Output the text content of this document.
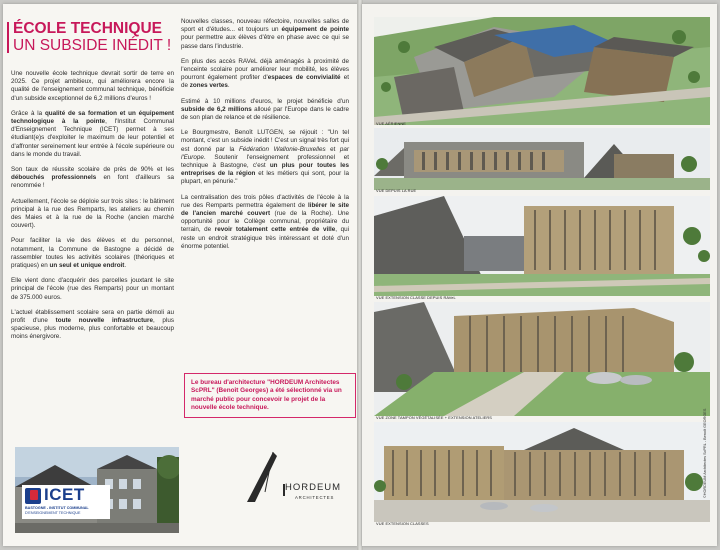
ÉCOLE TECHNIQUE
UN SUBSIDE INÉDIT !

Une nouvelle école technique devrait sortir de terre en 2025. Ce projet ambitieux, qui améliorera encore la qualité de l'enseignement communal technique, bénéficie d'un subside exceptionnel de 6,2 millions d'euros !

Grâce à la qualité de sa formation et un équipement technologique à la pointe, l'Institut Communal d'Enseignement Technique (ICET) permet à ses étudiant(e)s d'exploiter le maximum de leur potentiel et d'affronter sereinement leur entrée à l'école supérieure ou dans le monde du travail.

Son taux de réussite scolaire de près de 90% et les débouchés professionnels en font d'ailleurs sa renommée !

Actuellement, l'école se déploie sur trois sites : le bâtiment principal à la rue des Remparts, les ateliers au chemin des Maies et à la rue de la Roche (ancien marché couvert).

Pour faciliter la vie des élèves et du personnel, notamment, la Commune de Bastogne a décidé de rassembler toutes les activités scolaires (théoriques et pratiques) en un seul et unique endroit.

Elle vient donc d'acquérir des parcelles jouxtant le site principal de l'école (rue des Remparts) pour un montant de 375.000 euros.

L'actuel établissement scolaire sera en partie démoli au profit d'une toute nouvelle infrastructure, plus spacieuse, plus moderne, plus confortable et beaucoup moins énergivore.

Nouvelles classes, nouveau réfectoire, nouvelles salles de sport et d'études... et toujours un équipement de pointe pour permettre aux élèves d'être en phase avec ce qui se passe dans l'industrie.

En plus des accès RAVeL déjà aménagés à proximité de l'enceinte scolaire pour améliorer leur mobilité, les élèves pourront également profiter d'espaces de convivialité et de zones vertes.

Estimé à 10 millions d'euros, le projet bénéficie d'un subside de 6,2 millions alloué par l'Europe dans le cadre de son plan de relance et de résilience.

Le Bourgmestre, Benoît LUTGEN, se réjouit : "Un tel montant, c'est un subside inédit ! C'est un signal très fort qui est donné par la Fédération Wallonie-Bruxelles et par l'Europe. Soutenir l'enseignement professionnel et technique à Bastogne, c'est un plus pour toutes les entreprises de la région et les métiers qui sont, pour la plupart, en pénurie."

La centralisation des trois pôles d'activités de l'école à la rue des Remparts permettra également de libérer le site de l'ancien marché couvert (rue de la Roche). Une opportunité pour le Collège communal, propriétaire du terrain, de revoir totalement cette entrée de ville, qui reste un endroit stratégique très intéressant et doté d'un énorme potentiel.

Le bureau d'architecture "HORDEUM Architectes ScPRL" (Benoît Georges) a été sélectionné via un marché public pour concevoir le projet de la nouvelle école technique.
ICET
BASTOGNE - INSTITUT COMMUNAL
D'ENSEIGNEMENT TECHNIQUE
HORDEUM
ARCHITECTES
VUE AÉRIENNE
VUE DEPUIS LA RUE
VUE EXTENSION CLASSE DEPUIS RAVeL
VUE ZONE TAMPON VÉGÉTALISÉE + EXTENSION ATELIERS
VUE EXTENSION CLASSES
©HORDEUM Architectes ScPRL - Benoît GEORGES
